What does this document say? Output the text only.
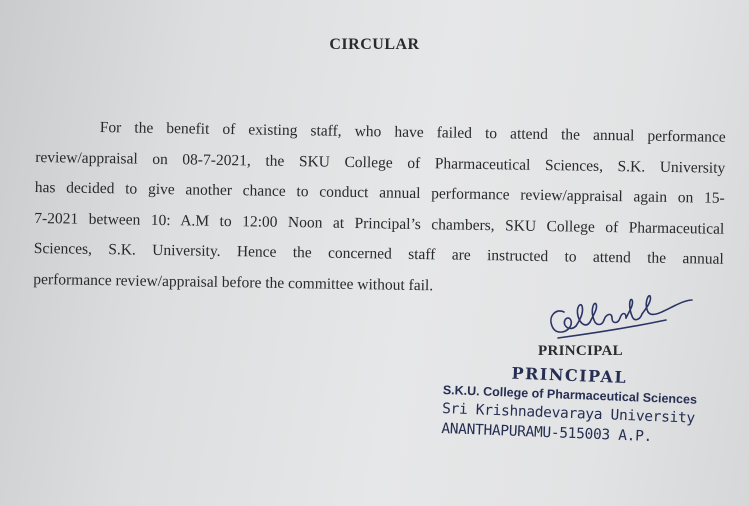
CIRCULAR
For the benefit of existing staff, who have failed to attend the annual performance
review/appraisal on 08-7-2021, the SKU College of Pharmaceutical Sciences, S.K. University
has decided to give another chance to conduct annual performance review/appraisal again on 15-
7-2021 between 10: A.M to 12:00 Noon at Principal’s chambers, SKU College of Pharmaceutical
Sciences, S.K. University. Hence the concerned staff are instructed to attend the annual
performance review/appraisal before the committee without fail.
PRINCIPAL
PRINCIPAL
S.K.U. College of Pharmaceutical Sciences
Sri Krishnadevaraya University
ANANTHAPURAMU-515003 A.P.
